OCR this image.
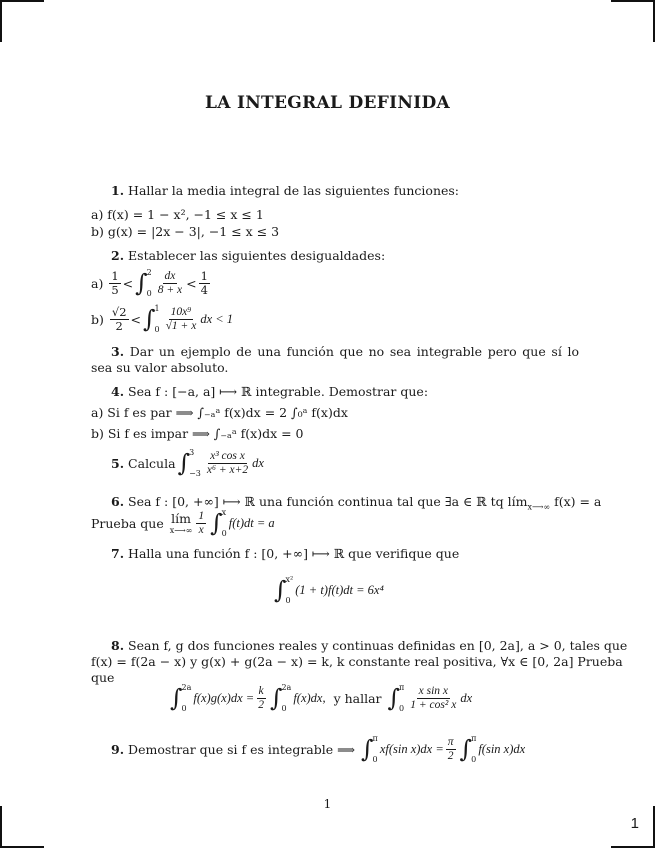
LA INTEGRAL DEFINIDA
1. Hallar la media integral de las siguientes funciones:
a) f(x) = 1 − x², −1 ≤ x ≤ 1
b) g(x) = |2x − 3|, −1 ≤ x ≤ 3
2. Establecer las siguientes desigualdades:
a)
$\frac{1}{5}$ < ∫ 2
$0 \frac{dx}{8 + x} < \frac{1}{4}$
b)
$\frac{√2}{2}$ < ∫ 1
$0 \frac{\text{10x⁹}}{√1 + x}$ dx < 1
3. Dar un ejemplo de una función que no sea integrable pero que sí lo sea su valor absoluto.
4. Sea f : [−a, a] ⟼ ℝ integrable. Demostrar que:
a) Si f es par ⟹ ∫₋ₐᵃ f(x)dx = 2 ∫₀ᵃ f(x)dx
b) Si f es impar ⟹ ∫₋ₐᵃ f(x)dx = 0
5.
Calcula ∫ 3
$-3 \frac{\text{x³ cos x}}{\text{x⁶ + x+2}}$ dx
6. Sea f : [0, +∞] ⟼ ℝ una función continua tal que ∃a ∈ ℝ tq lím$_{x⟶\infty}$ f(x) = a
Prueba que
lím
x⟶∞ $\frac{1}{x}$ ∫ x
0
f(t)dt = a
7. Halla una función f : [0, +∞] ⟼ ℝ que verifique que
∫ x²
0
(1 + t)f(t)dt = 6x⁴
8. Sean f, g dos funciones reales y continuas definidas en [0, 2a], a > 0, tales que
f(x) = f(2a − x) y g(x) + g(2a − x) = k, k constante real positiva, ∀x ∈ [0, 2a] Prueba
que
∫ 2a
0
$f(x)g(x)dx = \frac{k}{2}$ ∫ 2a
0
f(x)dx,
y hallar
∫ π
$0 \frac{\text{x sin x}}{\text{1 + cos² x}}$ dx
9.
Demostrar que si f es integrable ⟹
∫ π
0
xf(sin $x)dx = \frac{\pi}{2}$ ∫ π
0
f(sin x)dx
1
1
